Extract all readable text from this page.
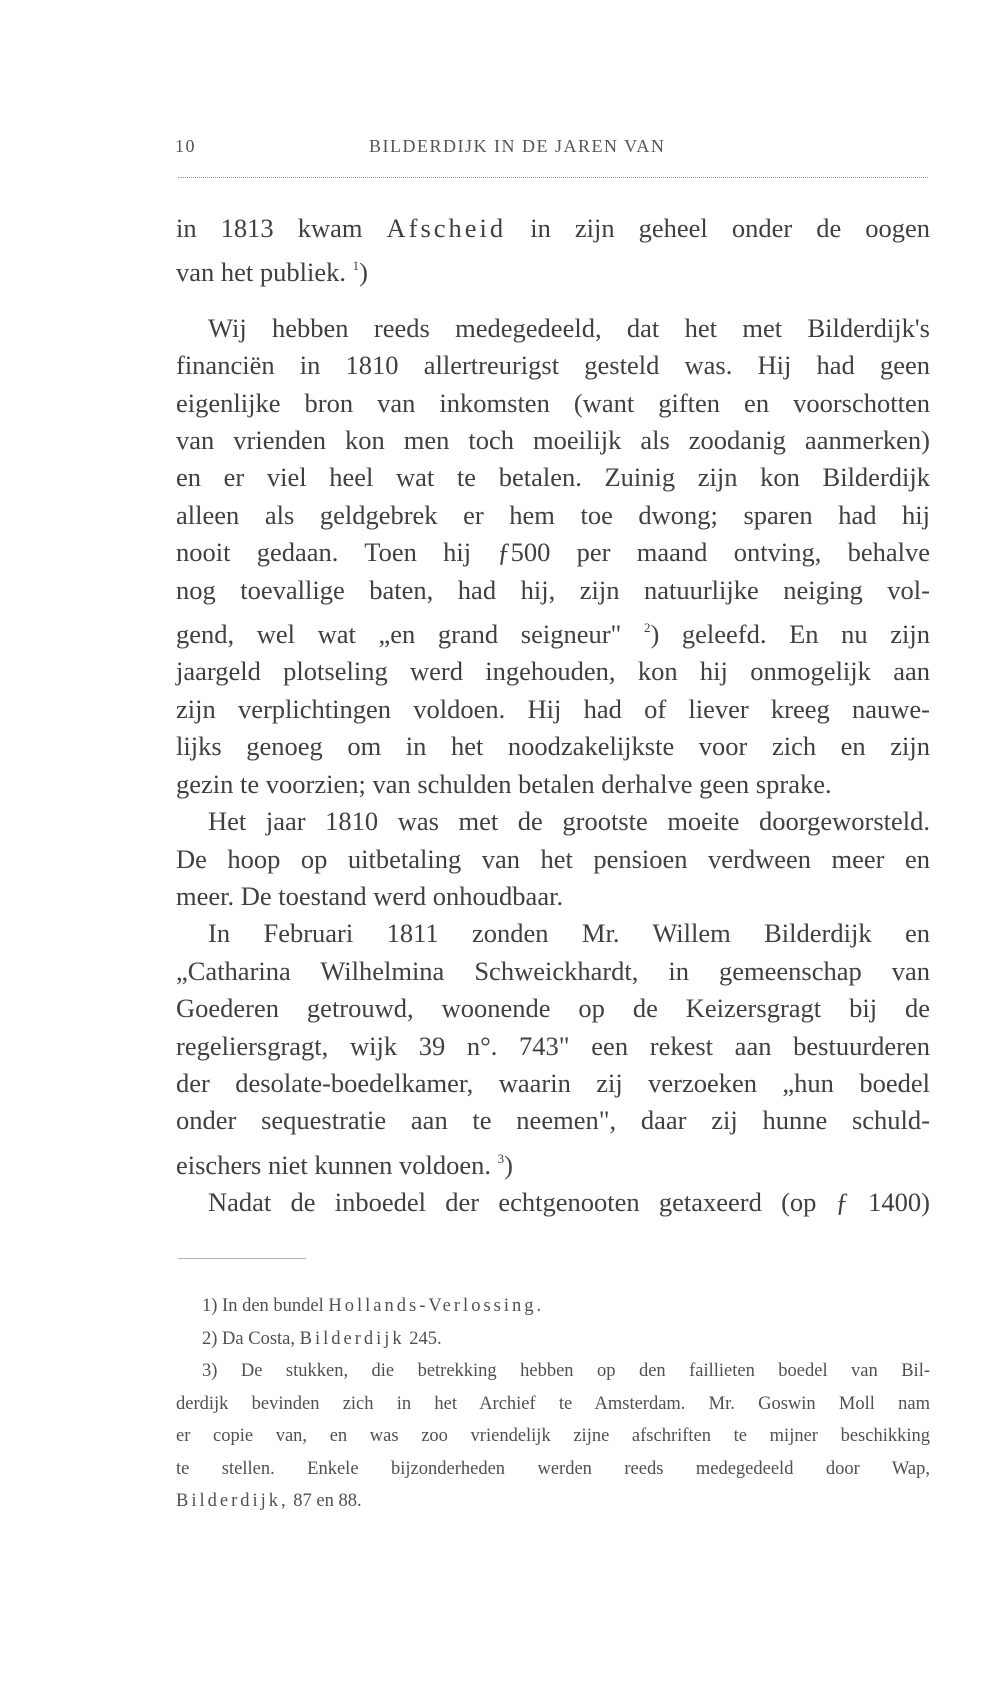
10	BILDERDIJK IN DE JAREN VAN

in 1813 kwam Afscheid in zijn geheel onder de oogen

van het publiek. $^1$)

Wij hebben reeds medegedeeld, dat het met Bilderdijk's

financiën in 1810 allertreurigst gesteld was. Hij had geen

eigenlijke bron van inkomsten (want giften en voorschotten

van vrienden kon men toch moeilijk als zoodanig aanmerken)

en er viel heel wat te betalen. Zuinig zijn kon Bilderdijk

alleen als geldgebrek er hem toe dwong; sparen had hij

nooit gedaan. Toen hij ƒ500 per maand ontving, behalve

nog toevallige baten, had hij, zijn natuurlijke neiging vol-

gend, wel wat „en grand seigneur" $^2$) geleefd. En nu zijn

jaargeld plotseling werd ingehouden, kon hij onmogelijk aan

zijn verplichtingen voldoen. Hij had of liever kreeg nauwe-

lijks genoeg om in het noodzakelijkste voor zich en zijn

gezin te voorzien; van schulden betalen derhalve geen sprake.

Het jaar 1810 was met de grootste moeite doorgeworsteld.

De hoop op uitbetaling van het pensioen verdween meer en

meer. De toestand werd onhoudbaar.

In Februari 1811 zonden Mr. Willem Bilderdijk en

„Catharina Wilhelmina Schweickhardt, in gemeenschap van

Goederen getrouwd, woonende op de Keizersgragt bij de

regeliersgragt, wijk 39 n°. 743" een rekest aan bestuurderen

der desolate-boedelkamer, waarin zij verzoeken „hun boedel

onder sequestratie aan te neemen", daar zij hunne schuld-

eischers niet kunnen voldoen. $^3$)

Nadat de inboedel der echtgenooten getaxeerd (op ƒ 1400)

1) In den bundel Hollands-Verlossing.
2) Da Costa, Bilderdijk 245.
3) De stukken, die betrekking hebben op den faillieten boedel van Bil-
derdijk bevinden zich in het Archief te Amsterdam. Mr. Goswin Moll nam
er copie van, en was zoo vriendelijk zijne afschriften te mijner beschikking
te stellen. Enkele bijzonderheden werden reeds medegedeeld door Wap,
Bilderdijk, 87 en 88.
